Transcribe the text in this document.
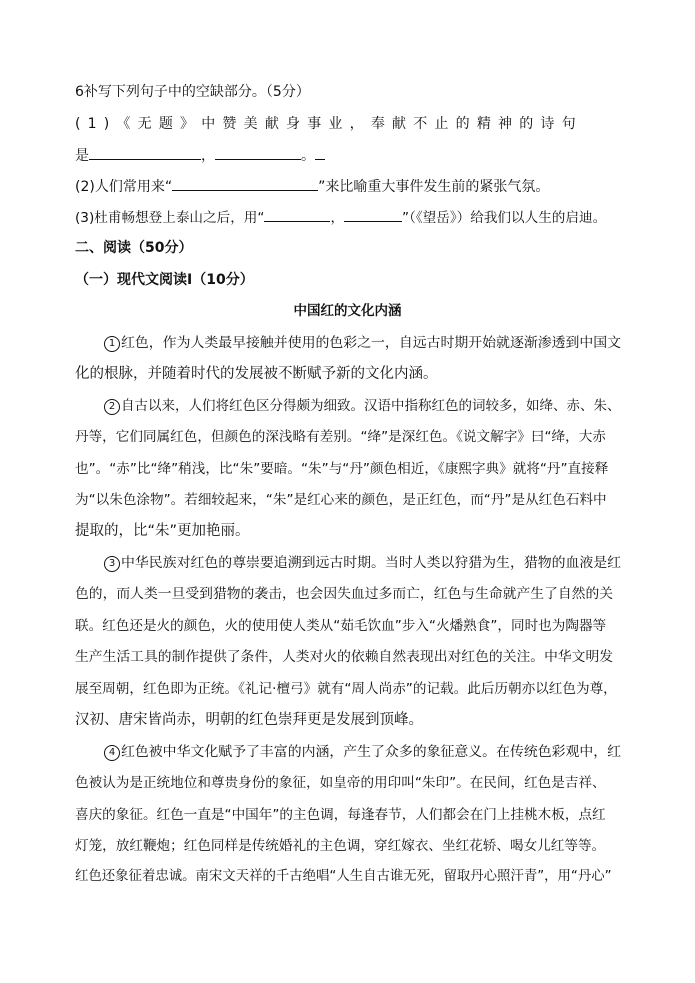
6补写下列句子中的空缺部分。（5分）
(1)《无题》中赞美献身事业，奉献不止的精神的诗句
是	，	。
(2)人们常用来“	”来比喻重大事件发生前的紧张气氛。
(3)杜甫畅想登上泰山之后，用“	，	”（《望岳》）给我们以人生的启迪。
二、阅读（50分）
（一）现代文阅读Ⅰ（10分）
中国红的文化内涵
1 红色，作为人类最早接触并使用的色彩之一，自远古时期开始就逐渐渗透到中国文
化的根脉，并随着时代的发展被不断赋予新的文化内涵。
2 自古以来，人们将红色区分得颇为细致。汉语中指称红色的词较多，如绛、赤、朱、
丹等，它们同属红色，但颜色的深浅略有差别。“绛”是深红色。《说文解字》曰“绛，大赤
也”。“赤”比“绛”稍浅，比“朱”要暗。“朱”与“丹”颜色相近，《康熙字典》就将“丹”直接释
为“以朱色涂物”。若细较起来，“朱”是红心来的颜色，是正红色，而“丹”是从红色石料中
提取的，比“朱”更加艳丽。
3 中华民族对红色的尊崇要追溯到远古时期。当时人类以狩猎为生，猎物的血液是红
色的，而人类一旦受到猎物的袭击，也会因失血过多而亡，红色与生命就产生了自然的关
联。红色还是火的颜色，火的使用使人类从“茹毛饮血”步入“火燔熟食”，同时也为陶器等
生产生活工具的制作提供了条件，人类对火的依赖自然表现出对红色的关注。中华文明发
展至周朝，红色即为正统。《礼记·檀弓》就有“周人尚赤”的记载。此后历朝亦以红色为尊，
汉初、唐宋皆尚赤，明朝的红色崇拜更是发展到顶峰。
4 红色被中华文化赋予了丰富的内涵，产生了众多的象征意义。在传统色彩观中，红
色被认为是正统地位和尊贵身份的象征，如皇帝的用印叫“朱印”。在民间，红色是吉祥、
喜庆的象征。红色一直是“中国年”的主色调，每逢春节，人们都会在门上挂桃木板，点红
灯笼，放红鞭炮；红色同样是传统婚礼的主色调，穿红嫁衣、坐红花轿、喝女儿红等等。
红色还象征着忠诚。南宋文天祥的千古绝唱“人生自古谁无死，留取丹心照汗青”，用“丹心”
